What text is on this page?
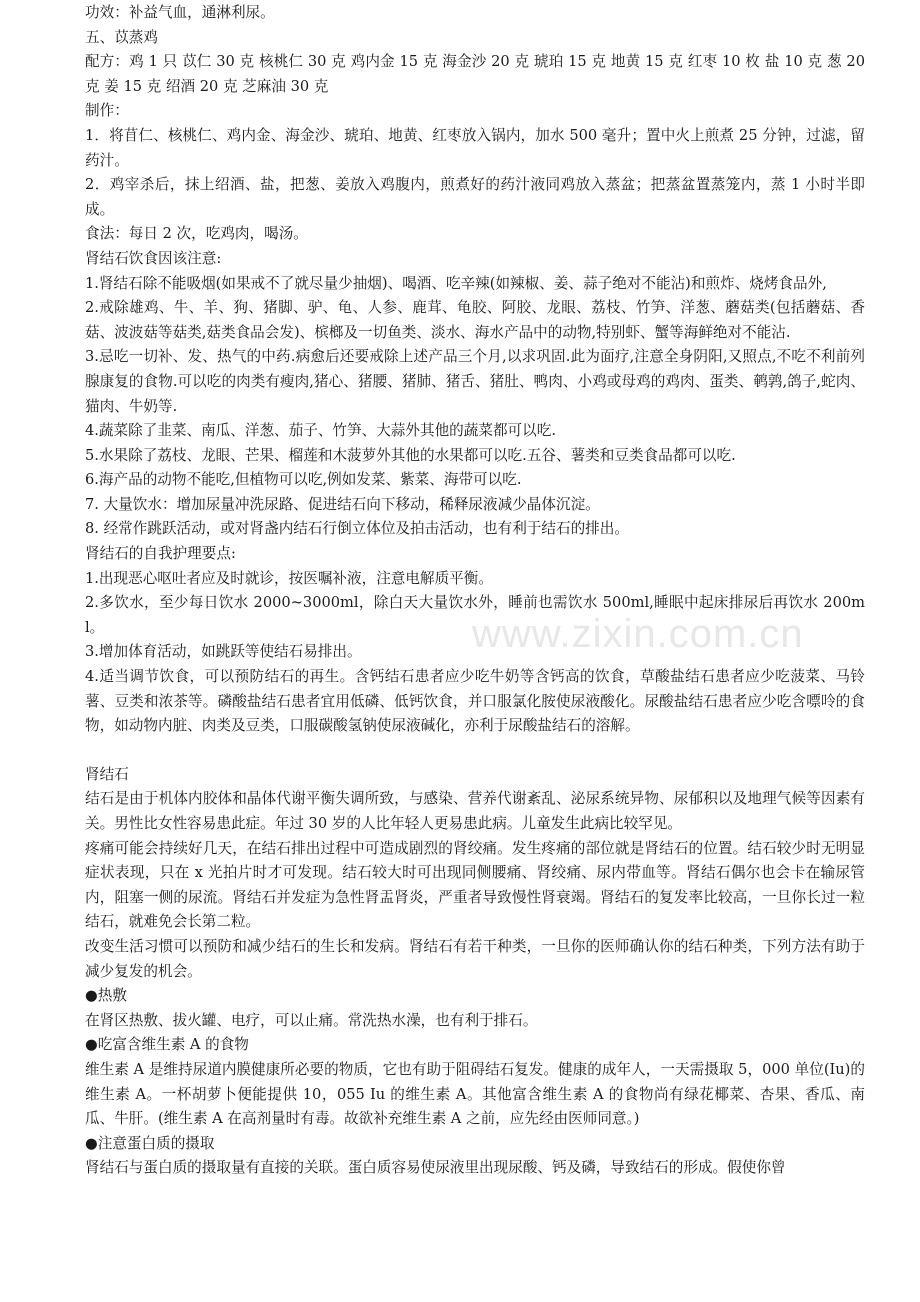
功效：补益气血，通淋利尿。

五、苡蒸鸡

配方：鸡 1 只 苡仁 30 克 核桃仁 30 克 鸡内金 15 克 海金沙 20 克 琥珀 15 克 地黄 15 克 红枣 10 枚 盐 10 克 葱 20 克 姜 15 克 绍酒 20 克 芝麻油 30 克

制作：

1．将苜仁、核桃仁、鸡内金、海金沙、琥珀、地黄、红枣放入锅内，加水 500 毫升；置中火上煎煮 25 分钟，过滤，留药汁。

2．鸡宰杀后，抹上绍酒、盐，把葱、姜放入鸡腹内，煎煮好的药汁液同鸡放入蒸盆；把蒸盆置蒸笼内，蒸 1 小时半即成。

食法：每日 2 次，吃鸡肉，喝汤。

肾结石饮食因该注意:

1.肾结石除不能吸烟(如果戒不了就尽量少抽烟)、喝酒、吃辛辣(如辣椒、姜、蒜子绝对不能沾)和煎炸、烧烤食品外,

2.戒除雄鸡、牛、羊、狗、猪脚、驴、龟、人参、鹿茸、龟胶、阿胶、龙眼、荔枝、竹笋、洋葱、蘑菇类(包括蘑菇、香菇、波波菇等菇类,菇类食品会发)、槟榔及一切鱼类、淡水、海水产品中的动物,特别虾、蟹等海鲜绝对不能沾.

3.忌吃一切补、发、热气的中药.病愈后还要戒除上述产品三个月,以求巩固.此为面疗,注意全身阴阳,又照点,不吃不利前列腺康复的食物.可以吃的肉类有瘦肉,猪心、猪腰、猪肺、猪舌、猪肚、鸭肉、小鸡或母鸡的鸡肉、蛋类、鹌鹑,鸽子,蛇肉、猫肉、牛奶等.

4.蔬菜除了韭菜、南瓜、洋葱、茄子、竹笋、大蒜外其他的蔬菜都可以吃.

5.水果除了荔枝、龙眼、芒果、榴莲和木菠萝外其他的水果都可以吃.五谷、薯类和豆类食品都可以吃.

6.海产品的动物不能吃,但植物可以吃,例如发菜、紫菜、海带可以吃.

7. 大量饮水：增加尿量冲洗尿路、促进结石向下移动，稀释尿液减少晶体沉淀。

8. 经常作跳跃活动，或对肾盏内结石行倒立体位及拍击活动，也有利于结石的排出。

肾结石的自我护理要点:

1.出现恶心呕吐者应及时就诊，按医嘱补液，注意电解质平衡。

2.多饮水，至少每日饮水 2000~3000ml，除白天大量饮水外，睡前也需饮水 500ml,睡眠中起床排尿后再饮水 200ml。

3.增加体育活动，如跳跃等使结石易排出。

4.适当调节饮食，可以预防结石的再生。含钙结石患者应少吃牛奶等含钙高的饮食，草酸盐结石患者应少吃菠菜、马铃薯、豆类和浓茶等。磷酸盐结石患者宜用低磷、低钙饮食，并口服氯化胺使尿液酸化。尿酸盐结石患者应少吃含嘌呤的食物，如动物内脏、肉类及豆类，口服碳酸氢钠使尿液碱化，亦利于尿酸盐结石的溶解。

肾结石

结石是由于机体内胶体和晶体代谢平衡失调所致，与感染、营养代谢紊乱、泌尿系统异物、尿郁积以及地理气候等因素有关。男性比女性容易患此症。年过 30 岁的人比年轻人更易患此病。儿童发生此病比较罕见。

疼痛可能会持续好几天，在结石排出过程中可造成剧烈的肾绞痛。发生疼痛的部位就是肾结石的位置。结石较少时无明显症状表现，只在 x 光拍片时才可发现。结石较大时可出现同侧腰痛、肾绞痛、尿内带血等。肾结石偶尔也会卡在输尿管内，阻塞一侧的尿流。肾结石并发症为急性肾盂肾炎，严重者导致慢性肾衰竭。肾结石的复发率比较高，一旦你长过一粒结石，就难免会长第二粒。

改变生活习惯可以预防和减少结石的生长和发病。肾结石有若干种类，一旦你的医师确认你的结石种类，下列方法有助于减少复发的机会。

●热敷

在肾区热敷、拔火罐、电疗，可以止痛。常洗热水澡，也有利于排石。

●吃富含维生素 A 的食物

维生素 A 是维持尿道内膜健康所必要的物质，它也有助于阻碍结石复发。健康的成年人，一天需摄取 5，000 单位(Iu)的维生素 A。一杯胡萝卜便能提供 10，055 Iu 的维生素 A。其他富含维生素 A 的食物尚有绿花椰菜、杏果、香瓜、南瓜、牛肝。(维生素 A 在高剂量时有毒。故欲补充维生素 A 之前，应先经由医师同意。)

●注意蛋白质的摄取

肾结石与蛋白质的摄取量有直接的关联。蛋白质容易使尿液里出现尿酸、钙及磷，导致结石的形成。假使你曾

www.zixin.com.cn
